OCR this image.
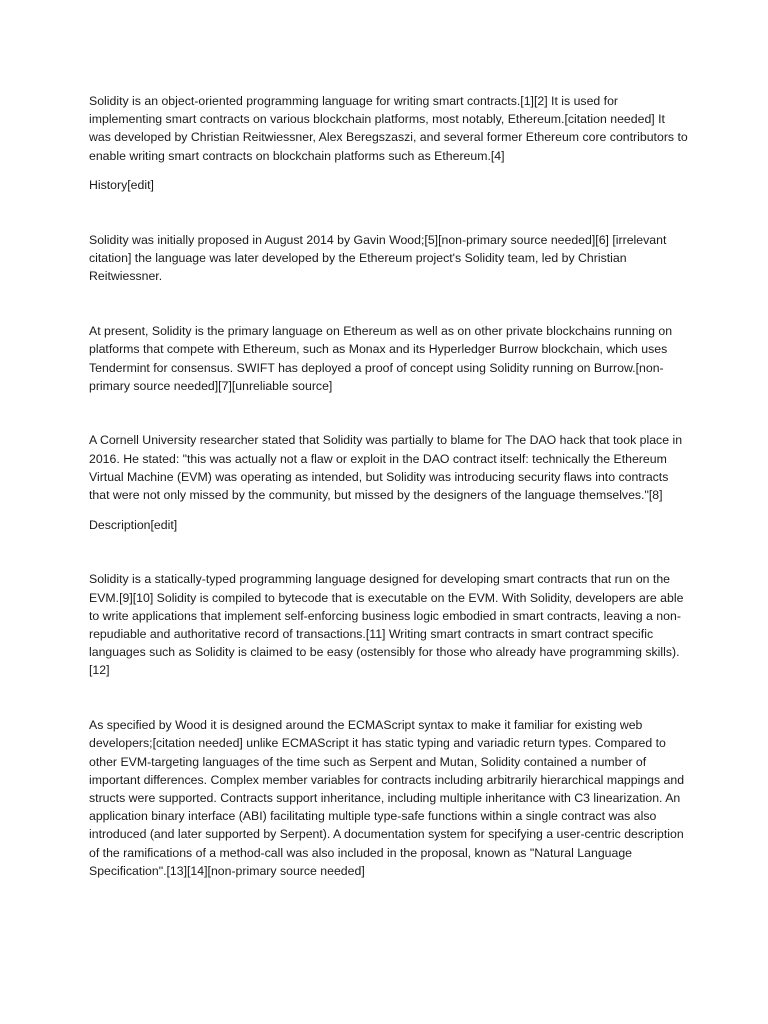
Solidity is an object-oriented programming language for writing smart contracts.[1][2] It is used for implementing smart contracts on various blockchain platforms, most notably, Ethereum.[citation needed] It was developed by Christian Reitwiessner, Alex Beregszaszi, and several former Ethereum core contributors to enable writing smart contracts on blockchain platforms such as Ethereum.[4]

History[edit]

Solidity was initially proposed in August 2014 by Gavin Wood;[5][non-primary source needed][6] [irrelevant citation] the language was later developed by the Ethereum project's Solidity team, led by Christian Reitwiessner.

At present, Solidity is the primary language on Ethereum as well as on other private blockchains running on platforms that compete with Ethereum, such as Monax and its Hyperledger Burrow blockchain, which uses Tendermint for consensus. SWIFT has deployed a proof of concept using Solidity running on Burrow.[non-primary source needed][7][unreliable source]

A Cornell University researcher stated that Solidity was partially to blame for The DAO hack that took place in 2016. He stated: "this was actually not a flaw or exploit in the DAO contract itself: technically the Ethereum Virtual Machine (EVM) was operating as intended, but Solidity was introducing security flaws into contracts that were not only missed by the community, but missed by the designers of the language themselves."[8]

Description[edit]

Solidity is a statically-typed programming language designed for developing smart contracts that run on the EVM.[9][10] Solidity is compiled to bytecode that is executable on the EVM. With Solidity, developers are able to write applications that implement self-enforcing business logic embodied in smart contracts, leaving a non-repudiable and authoritative record of transactions.[11] Writing smart contracts in smart contract specific languages such as Solidity is claimed to be easy (ostensibly for those who already have programming skills).[12]

As specified by Wood it is designed around the ECMAScript syntax to make it familiar for existing web developers;[citation needed] unlike ECMAScript it has static typing and variadic return types. Compared to other EVM-targeting languages of the time such as Serpent and Mutan, Solidity contained a number of important differences. Complex member variables for contracts including arbitrarily hierarchical mappings and structs were supported. Contracts support inheritance, including multiple inheritance with C3 linearization. An application binary interface (ABI) facilitating multiple type-safe functions within a single contract was also introduced (and later supported by Serpent). A documentation system for specifying a user-centric description of the ramifications of a method-call was also included in the proposal, known as "Natural Language Specification".[13][14][non-primary source needed]
